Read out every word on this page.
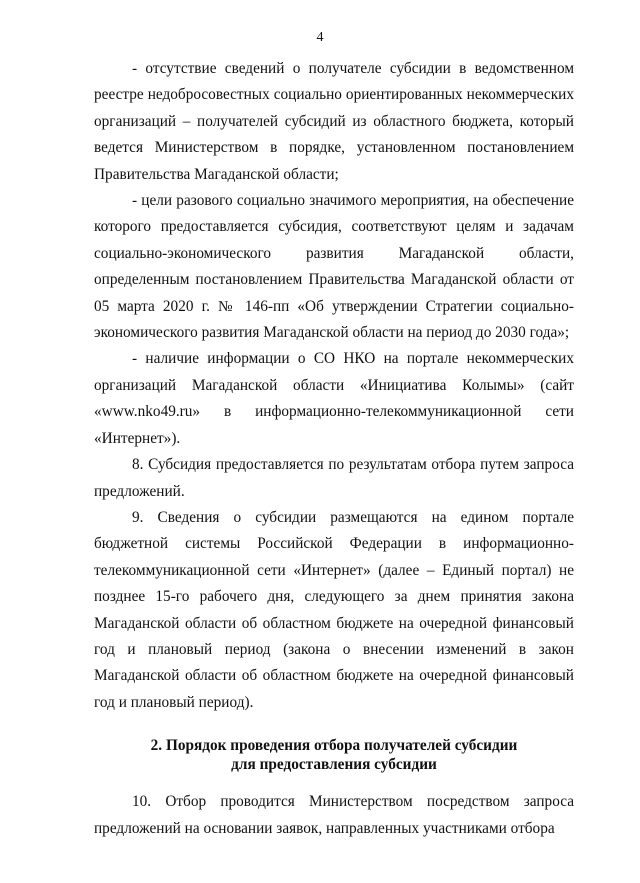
4

- отсутствие сведений о получателе субсидии в ведомственном реестре недобросовестных социально ориентированных некоммерческих организаций – получателей субсидий из областного бюджета, который ведется Министерством в порядке, установленном постановлением Правительства Магаданской области;

- цели разового социально значимого мероприятия, на обеспечение которого предоставляется субсидия, соответствуют целям и задачам социально-экономического развития Магаданской области, определенным постановлением Правительства Магаданской области от 05 марта 2020 г. № 146-пп «Об утверждении Стратегии социально-экономического развития Магаданской области на период до 2030 года»;

- наличие информации о СО НКО на портале некоммерческих организаций Магаданской области «Инициатива Колымы» (сайт «www.nko49.ru» в информационно-телекоммуникационной сети «Интернет»).

8. Субсидия предоставляется по результатам отбора путем запроса предложений.

9. Сведения о субсидии размещаются на едином портале бюджетной системы Российской Федерации в информационно-телекоммуникационной сети «Интернет» (далее – Единый портал) не позднее 15-го рабочего дня, следующего за днем принятия закона Магаданской области об областном бюджете на очередной финансовый год и плановый период (закона о внесении изменений в закон Магаданской области об областном бюджете на очередной финансовый год и плановый период).

2. Порядок проведения отбора получателей субсидии
для предоставления субсидии

10. Отбор проводится Министерством посредством запроса предложений на основании заявок, направленных участниками отбора
